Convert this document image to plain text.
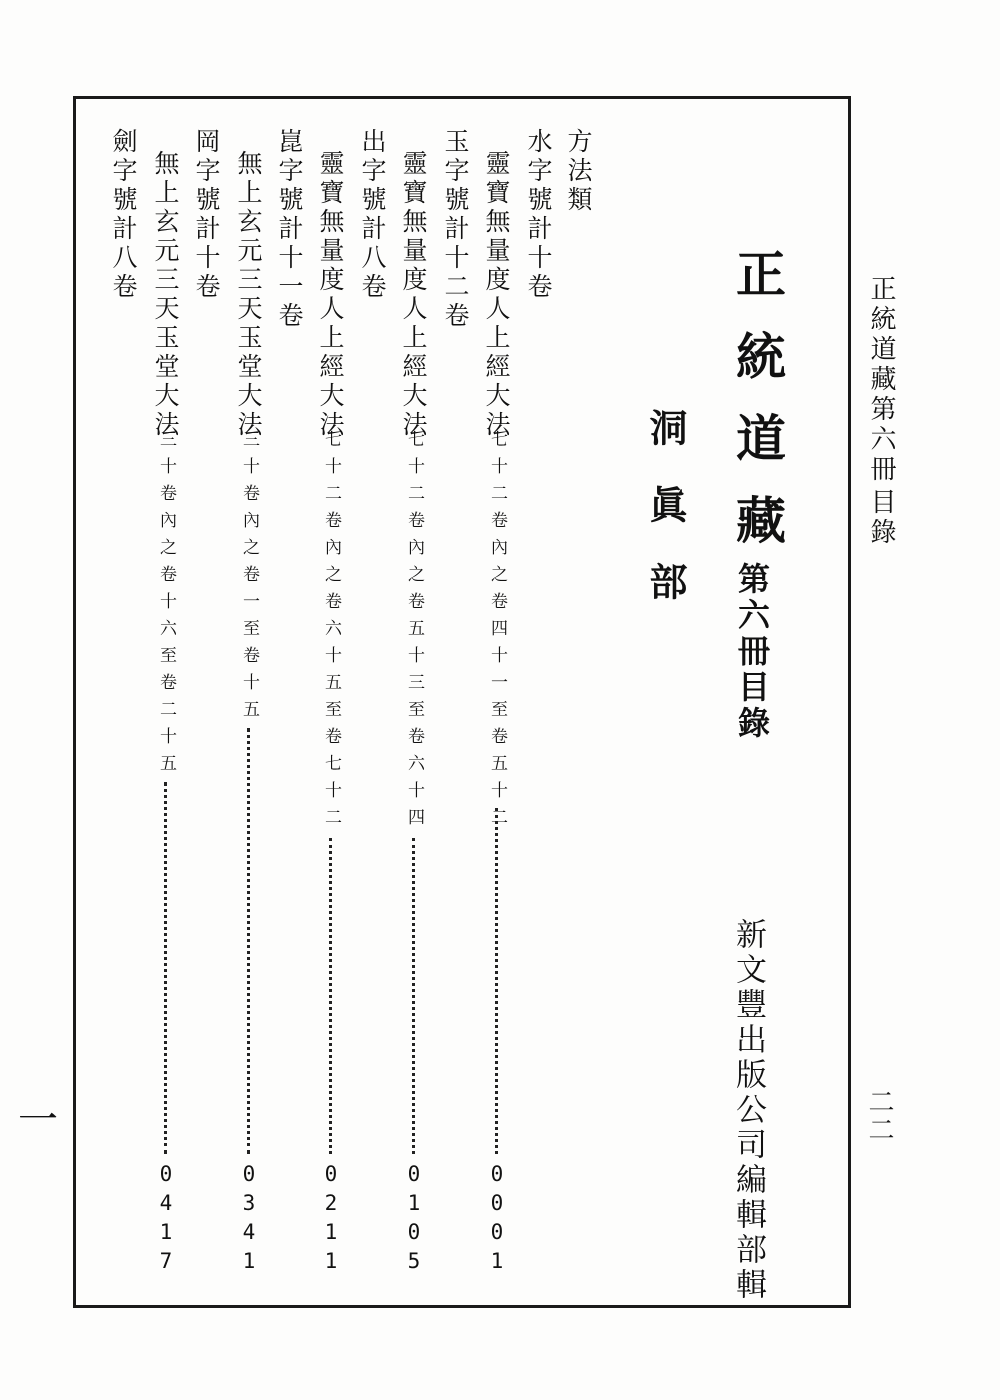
正統道藏第六冊
目錄
二二
一
正統道藏
第六冊目錄
洞眞部
新文豐出版公司編輯部輯
方法類
水字號計十卷
靈寶無量度人上經大法
七十二卷內之卷四十一至卷五十二
0
0
0
1
玉字號計十二卷
靈寶無量度人上經大法
七十二卷內之卷五十三至卷六十四
0
1
0
5
出字號計八卷
靈寶無量度人上經大法
七十二卷內之卷六十五至卷七十二
0
2
1
1
崑字號計十一卷
無上玄元三天玉堂大法
三十卷內之卷一至卷十五
0
3
4
1
岡字號計十卷
無上玄元三天玉堂大法
三十卷內之卷十六至卷二十五
0
4
1
7
劍字號計八卷
